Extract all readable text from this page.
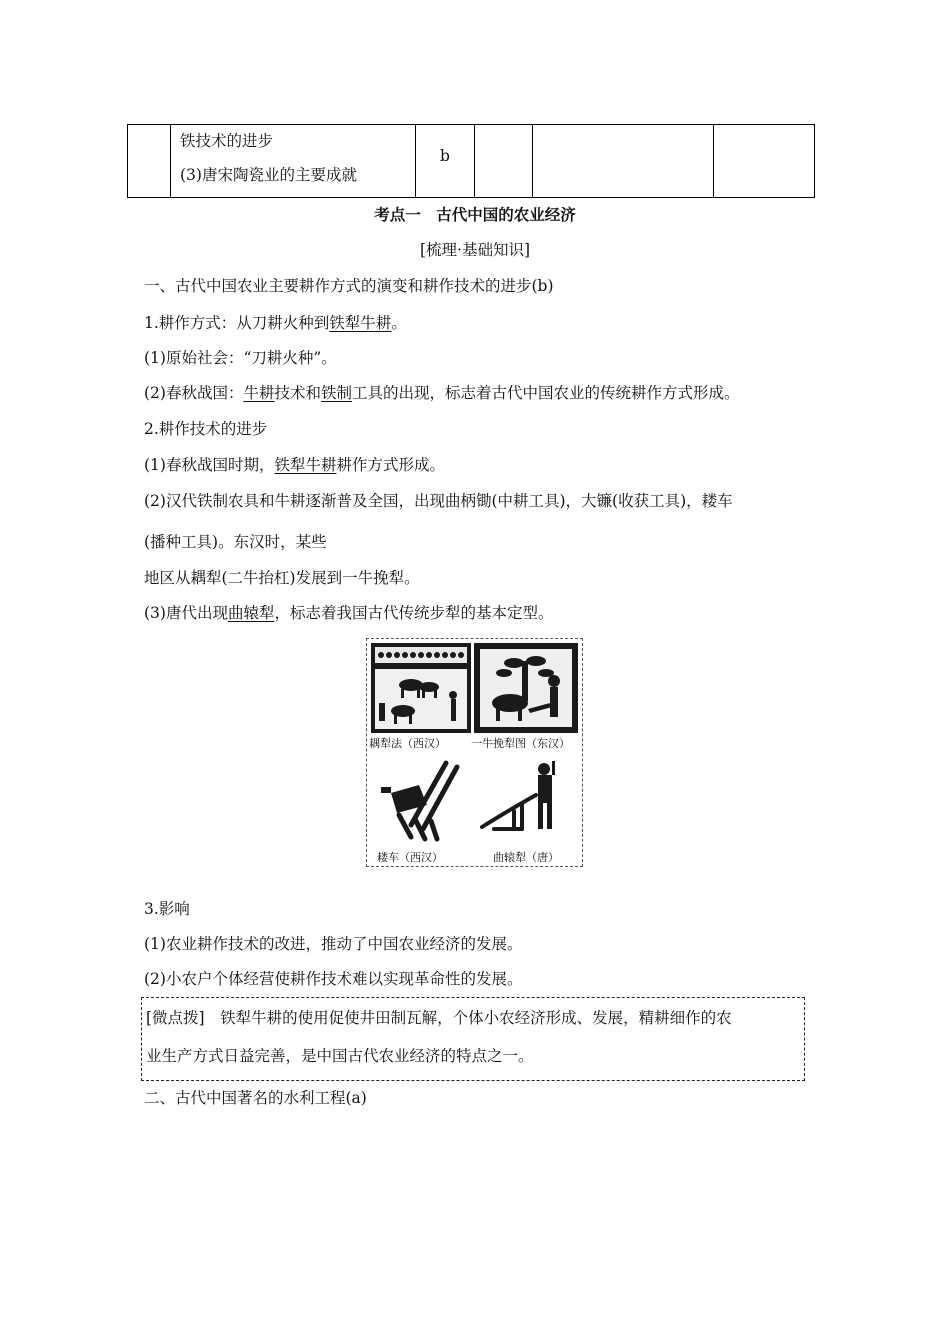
铁技术的进步
(3)唐宋陶瓷业的主要成就
b
考点一　古代中国的农业经济
[梳理·基础知识]
一、古代中国农业主要耕作方式的演变和耕作技术的进步(b)
1.耕作方式：从刀耕火种到铁犁牛耕。
(1)原始社会：“刀耕火种”。
(2)春秋战国：牛耕技术和铁制工具的出现，标志着古代中国农业的传统耕作方式形成。
2.耕作技术的进步
(1)春秋战国时期，铁犁牛耕耕作方式形成。
(2)汉代铁制农具和牛耕逐渐普及全国，出现曲柄锄(中耕工具)，大镰(收获工具)，耧车
(播种工具)。东汉时，某些
地区从耦犁(二牛抬杠)发展到一牛挽犁。
(3)唐代出现曲辕犁，标志着我国古代传统步犁的基本定型。
耦犁法（西汉） 一牛挽犁图（东汉）
耧车（西汉）	曲辕犁（唐）
3.影响
(1)农业耕作技术的改进，推动了中国农业经济的发展。
(2)小农户个体经营使耕作技术难以实现革命性的发展。
[微点拨]　铁犁牛耕的使用促使井田制瓦解，个体小农经济形成、发展，精耕细作的农
业生产方式日益完善，是中国古代农业经济的特点之一。
二、古代中国著名的水利工程(a)
